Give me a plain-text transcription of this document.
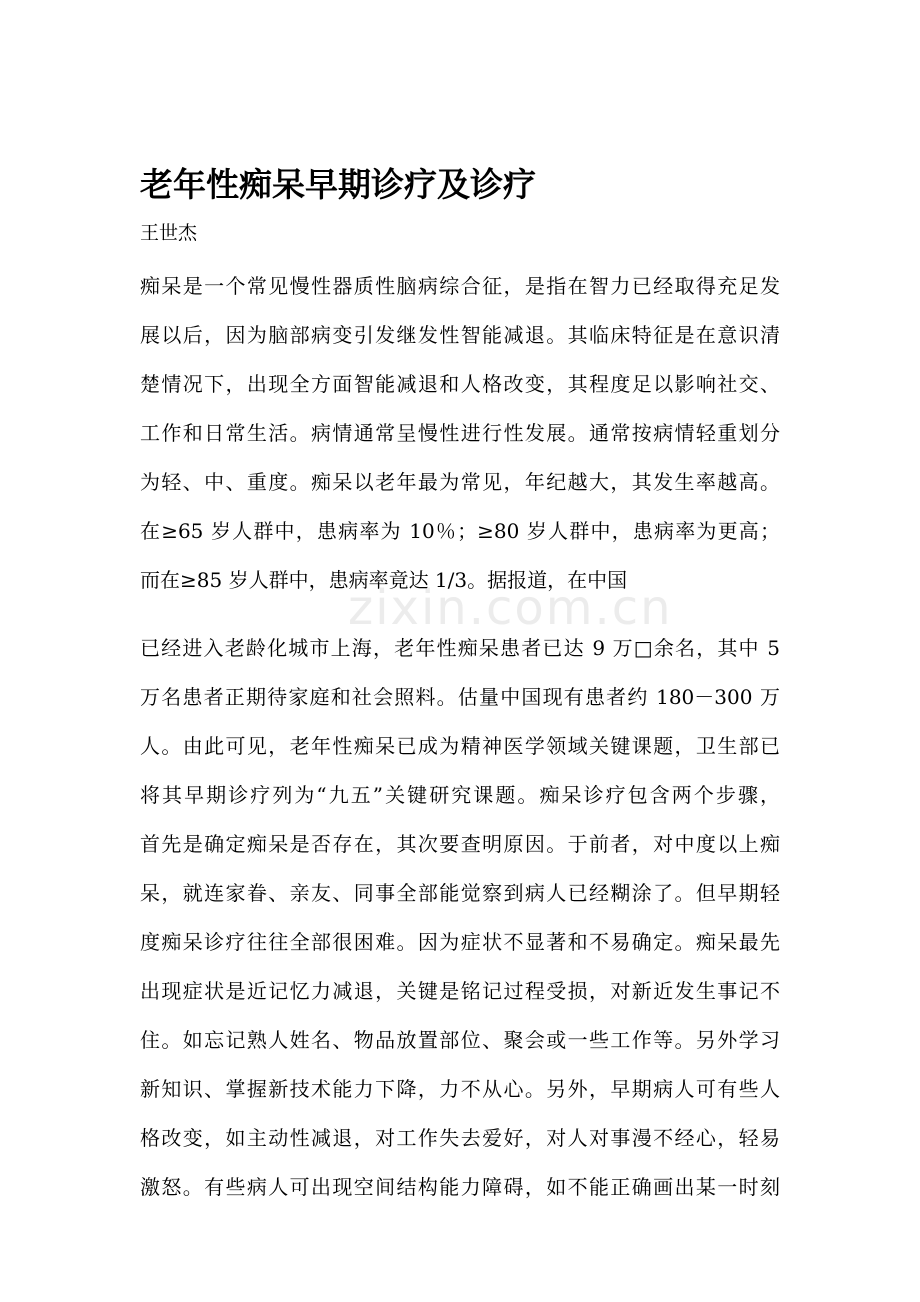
zixin.com.cn
老年性痴呆早期诊疗及诊疗

王世杰

痴呆是一个常见慢性器质性脑病综合征，是指在智力已经取得充足发
展以后，因为脑部病变引发继发性智能减退。其临床特征是在意识清
楚情况下，出现全方面智能减退和人格改变，其程度足以影响社交、
工作和日常生活。病情通常呈慢性进行性发展。通常按病情轻重划分
为轻、中、重度。痴呆以老年最为常见，年纪越大，其发生率越高。
在≥65 岁人群中，患病率为 10％；≥80 岁人群中，患病率为更高；
而在≥85 岁人群中，患病率竟达 1/3。据报道，在中国
已经进入老龄化城市上海，老年性痴呆患者已达 9 万□余名，其中 5
万名患者正期待家庭和社会照料。估量中国现有患者约 180－300 万
人。由此可见，老年性痴呆已成为精神医学领域关键课题，卫生部已
将其早期诊疗列为“九五”关键研究课题。痴呆诊疗包含两个步骤，
首先是确定痴呆是否存在，其次要查明原因。于前者，对中度以上痴
呆，就连家眷、亲友、同事全部能觉察到病人已经糊涂了。但早期轻
度痴呆诊疗往往全部很困难。因为症状不显著和不易确定。痴呆最先
出现症状是近记忆力减退，关键是铭记过程受损，对新近发生事记不
住。如忘记熟人姓名、物品放置部位、聚会或一些工作等。另外学习
新知识、掌握新技术能力下降，力不从心。另外，早期病人可有些人
格改变，如主动性减退，对工作失去爱好，对人对事漫不经心，轻易
激怒。有些病人可出现空间结构能力障碍，如不能正确画出某一时刻
